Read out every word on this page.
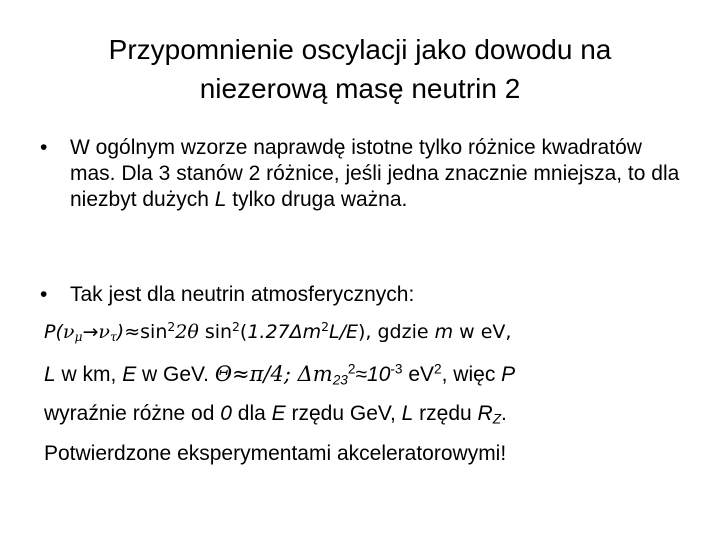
Przypomnienie oscylacji jako dowodu na
niezerową masę neutrin 2
• W ogólnym wzorze naprawdę istotne tylko różnice kwadratów mas. Dla 3 stanów 2 różnice, jeśli jedna znacznie mniejsza, to dla niezbyt dużych L tylko druga ważna.
• Tak jest dla neutrin atmosferycznych:
$P(\nu_\mu\to\nu_\tau)\approx\sin^22\theta$ $\sin^2(1.27\Delta m^2L/E)$, gdzie m w eV,
L w km, E w GeV. Θ≈π/4; $\Delta m_{23}^2\approx 10^{-3}$ $eV^2$, więc P
wyraźnie różne od 0 dla E rzędu GeV, L rzędu $R_Z$.
Potwierdzone eksperymentami akceleratorowymi!
